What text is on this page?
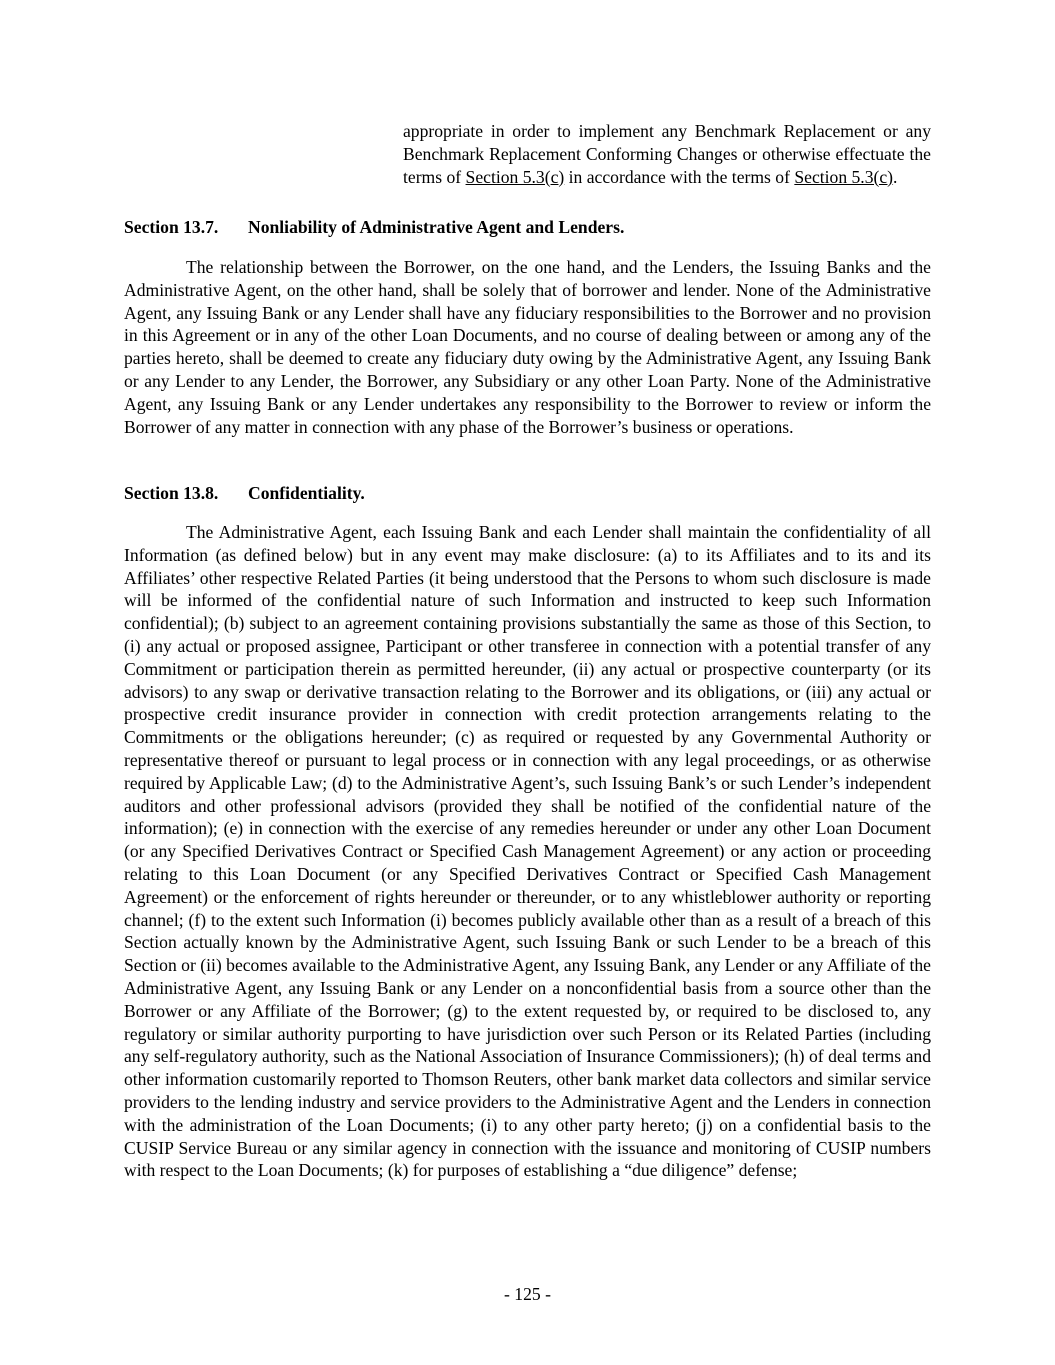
appropriate in order to implement any Benchmark Replacement or any Benchmark Replacement Conforming Changes or otherwise effectuate the terms of Section 5.3(c) in accordance with the terms of Section 5.3(c).

Section 13.7. Nonliability of Administrative Agent and Lenders.

The relationship between the Borrower, on the one hand, and the Lenders, the Issuing Banks and the Administrative Agent, on the other hand, shall be solely that of borrower and lender. None of the Administrative Agent, any Issuing Bank or any Lender shall have any fiduciary responsibilities to the Borrower and no provision in this Agreement or in any of the other Loan Documents, and no course of dealing between or among any of the parties hereto, shall be deemed to create any fiduciary duty owing by the Administrative Agent, any Issuing Bank or any Lender to any Lender, the Borrower, any Subsidiary or any other Loan Party. None of the Administrative Agent, any Issuing Bank or any Lender undertakes any responsibility to the Borrower to review or inform the Borrower of any matter in connection with any phase of the Borrower’s business or operations.

Section 13.8. Confidentiality.

The Administrative Agent, each Issuing Bank and each Lender shall maintain the confidentiality of all Information (as defined below) but in any event may make disclosure: (a) to its Affiliates and to its and its Affiliates’ other respective Related Parties (it being understood that the Persons to whom such disclosure is made will be informed of the confidential nature of such Information and instructed to keep such Information confidential); (b) subject to an agreement containing provisions substantially the same as those of this Section, to (i) any actual or proposed assignee, Participant or other transferee in connection with a potential transfer of any Commitment or participation therein as permitted hereunder, (ii) any actual or prospective counterparty (or its advisors) to any swap or derivative transaction relating to the Borrower and its obligations, or (iii) any actual or prospective credit insurance provider in connection with credit protection arrangements relating to the Commitments or the obligations hereunder; (c) as required or requested by any Governmental Authority or representative thereof or pursuant to legal process or in connection with any legal proceedings, or as otherwise required by Applicable Law; (d) to the Administrative Agent’s, such Issuing Bank’s or such Lender’s independent auditors and other professional advisors (provided they shall be notified of the confidential nature of the information); (e) in connection with the exercise of any remedies hereunder or under any other Loan Document (or any Specified Derivatives Contract or Specified Cash Management Agreement) or any action or proceeding relating to this Loan Document (or any Specified Derivatives Contract or Specified Cash Management Agreement) or the enforcement of rights hereunder or thereunder, or to any whistleblower authority or reporting channel; (f) to the extent such Information (i) becomes publicly available other than as a result of a breach of this Section actually known by the Administrative Agent, such Issuing Bank or such Lender to be a breach of this Section or (ii) becomes available to the Administrative Agent, any Issuing Bank, any Lender or any Affiliate of the Administrative Agent, any Issuing Bank or any Lender on a nonconfidential basis from a source other than the Borrower or any Affiliate of the Borrower; (g) to the extent requested by, or required to be disclosed to, any regulatory or similar authority purporting to have jurisdiction over such Person or its Related Parties (including any self-regulatory authority, such as the National Association of Insurance Commissioners); (h) of deal terms and other information customarily reported to Thomson Reuters, other bank market data collectors and similar service providers to the lending industry and service providers to the Administrative Agent and the Lenders in connection with the administration of the Loan Documents; (i) to any other party hereto; (j) on a confidential basis to the CUSIP Service Bureau or any similar agency in connection with the issuance and monitoring of CUSIP numbers with respect to the Loan Documents; (k) for purposes of establishing a “due diligence” defense;

- 125 -
